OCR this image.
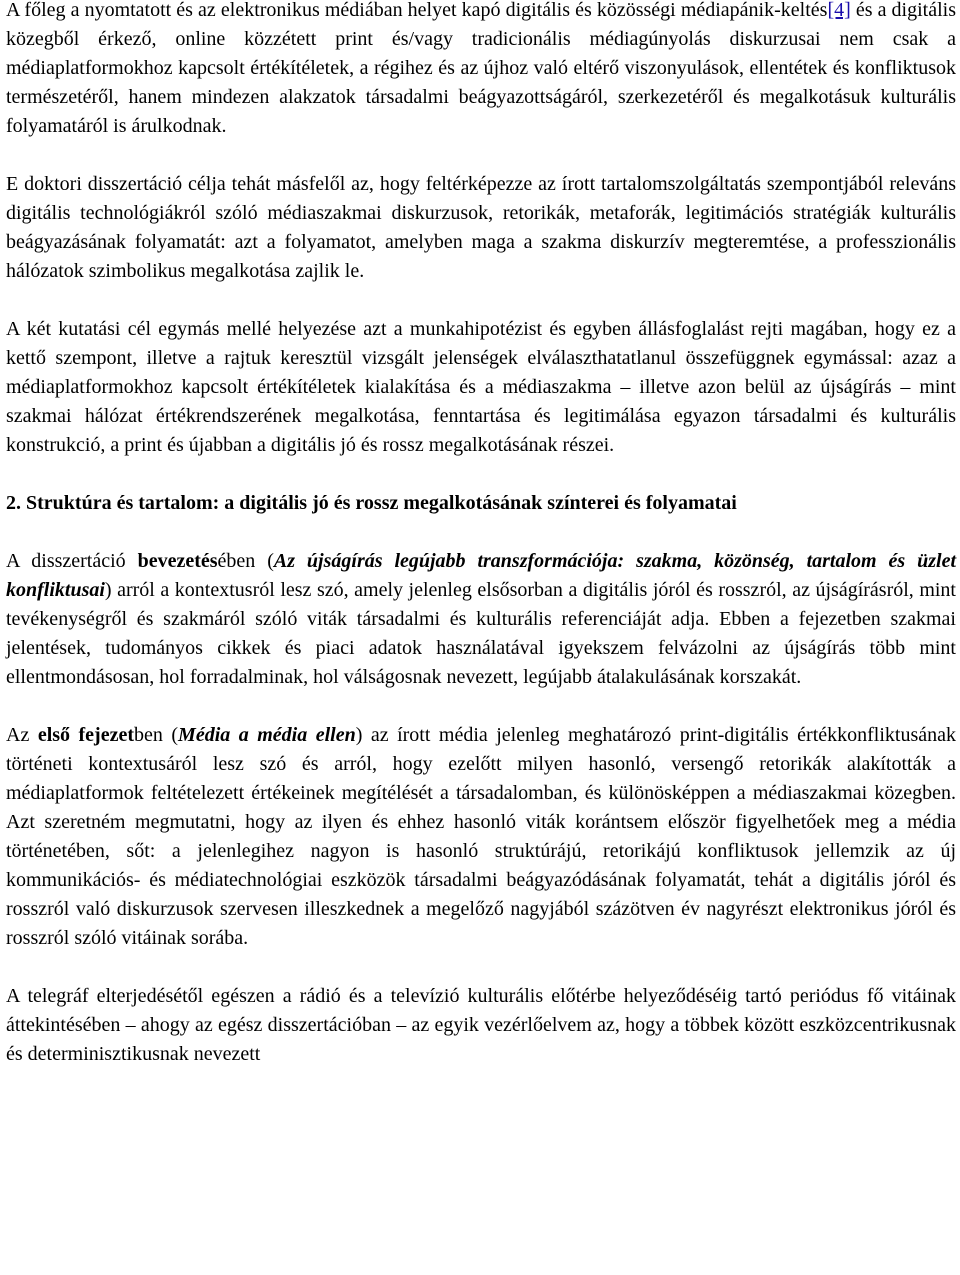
A főleg a nyomtatott és az elektronikus médiában helyet kapó digitális és közösségi médiapánik-keltés[4] és a digitális közegből érkező, online közzétett print és/vagy tradicionális médiagúnyolás diskurzusai nem csak a médiaplatformokhoz kapcsolt értékítéletek, a régihez és az újhoz való eltérő viszonyulások, ellentétek és konfliktusok természetéről, hanem mindezen alakzatok társadalmi beágyazottságáról, szerkezetéről és megalkotásuk kulturális folyamatáról is árulkodnak.

E doktori disszertáció célja tehát másfelől az, hogy feltérképezze az írott tartalomszolgáltatás szempontjából releváns digitális technológiákról szóló médiaszakmai diskurzusok, retorikák, metaforák, legitimációs stratégiák kulturális beágyazásának folyamatát: azt a folyamatot, amelyben maga a szakma diskurzív megteremtése, a professzionális hálózatok szimbolikus megalkotása zajlik le.

A két kutatási cél egymás mellé helyezése azt a munkahipotézist és egyben állásfoglalást rejti magában, hogy ez a kettő szempont, illetve a rajtuk keresztül vizsgált jelenségek elválaszthatatlanul összefüggnek egymással: azaz a médiaplatformokhoz kapcsolt értékítéletek kialakítása és a médiaszakma – illetve azon belül az újságírás – mint szakmai hálózat értékrendszerének megalkotása, fenntartása és legitimálása egyazon társadalmi és kulturális konstrukció, a print és újabban a digitális jó és rossz megalkotásának részei.

2. Struktúra és tartalom: a digitális jó és rossz megalkotásának színterei és folyamatai

A disszertáció bevezetésében (Az újságírás legújabb transzformációja: szakma, közönség, tartalom és üzlet konfliktusai) arról a kontextusról lesz szó, amely jelenleg elsősorban a digitális jóról és rosszról, az újságírásról, mint tevékenységről és szakmáról szóló viták társadalmi és kulturális referenciáját adja. Ebben a fejezetben szakmai jelentések, tudományos cikkek és piaci adatok használatával igyekszem felvázolni az újságírás több mint ellentmondásosan, hol forradalminak, hol válságosnak nevezett, legújabb átalakulásának korszakát.

Az első fejezetben (Média a média ellen) az írott média jelenleg meghatározó print-digitális értékkonfliktusának történeti kontextusáról lesz szó és arról, hogy ezelőtt milyen hasonló, versengő retorikák alakították a médiaplatformok feltételezett értékeinek megítélését a társadalomban, és különösképpen a médiaszakmai közegben. Azt szeretném megmutatni, hogy az ilyen és ehhez hasonló viták korántsem először figyelhetőek meg a média történetében, sőt: a jelenlegihez nagyon is hasonló struktúrájú, retorikájú konfliktusok jellemzik az új kommunikációs- és médiatechnológiai eszközök társadalmi beágyazódásának folyamatát, tehát a digitális jóról és rosszról való diskurzusok szervesen illeszkednek a megelőző nagyjából százötven év nagyrészt elektronikus jóról és rosszról szóló vitáinak sorába.

A telegráf elterjedésétől egészen a rádió és a televízió kulturális előtérbe helyeződéséig tartó periódus fő vitáinak áttekintésében – ahogy az egész disszertációban – az egyik vezérlőelvem az, hogy a többek között eszközcentrikusnak és determinisztikusnak nevezett
